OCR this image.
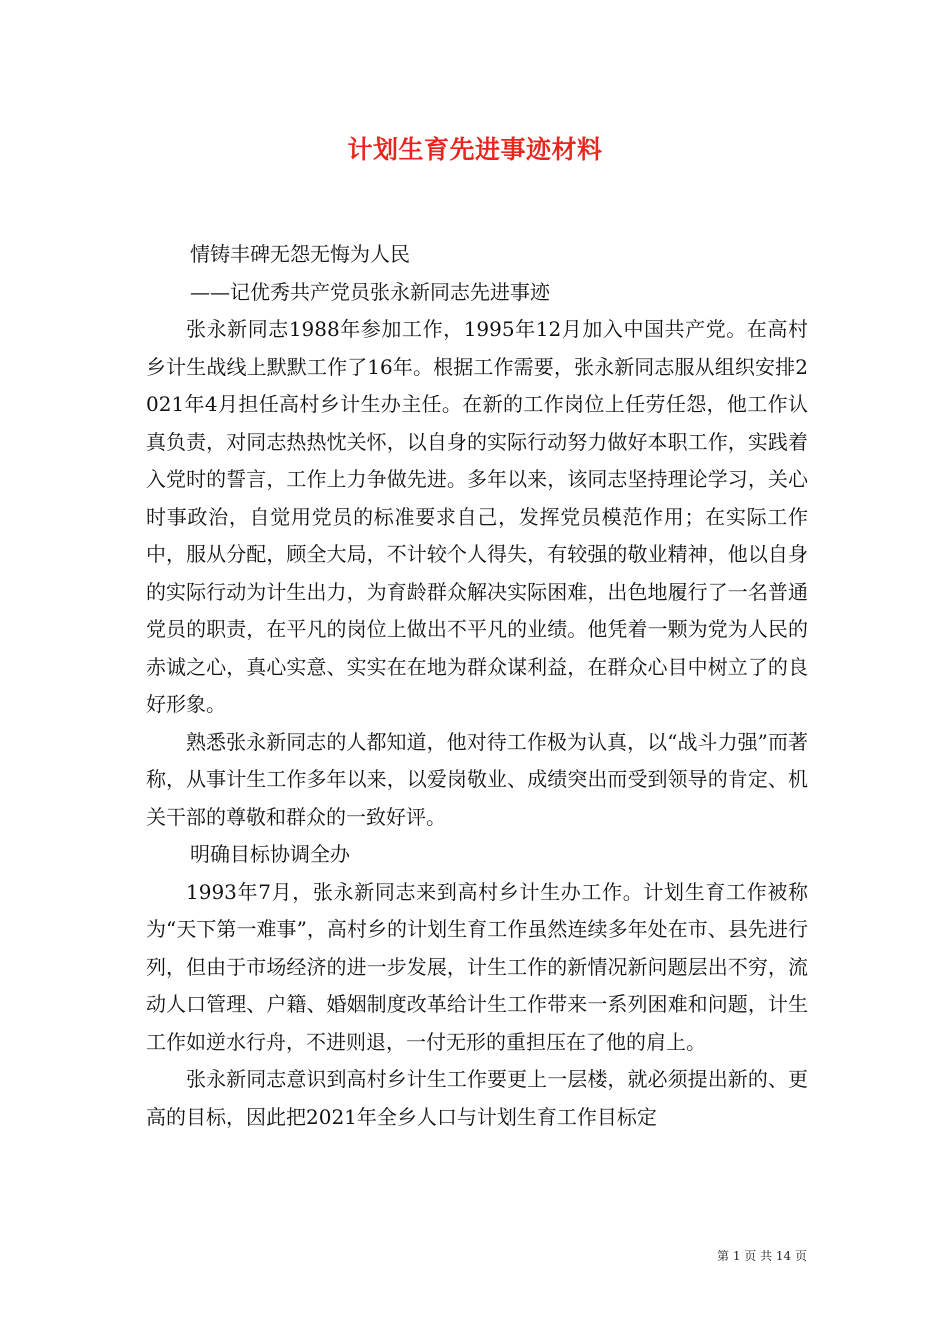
计划生育先进事迹材料

情铸丰碑无怨无悔为人民

——记优秀共产党员张永新同志先进事迹

张永新同志1988年参加工作，1995年12月加入中国共产党。在高村乡计生战线上默默工作了16年。根据工作需要，张永新同志服从组织安排2021年4月担任高村乡计生办主任。在新的工作岗位上任劳任怨，他工作认真负责，对同志热热忱关怀，以自身的实际行动努力做好本职工作，实践着入党时的誓言，工作上力争做先进。多年以来，该同志坚持理论学习，关心时事政治，自觉用党员的标准要求自己，发挥党员模范作用；在实际工作中，服从分配，顾全大局，不计较个人得失，有较强的敬业精神，他以自身的实际行动为计生出力，为育龄群众解决实际困难，出色地履行了一名普通党员的职责，在平凡的岗位上做出不平凡的业绩。他凭着一颗为党为人民的赤诚之心，真心实意、实实在在地为群众谋利益，在群众心目中树立了的良好形象。

熟悉张永新同志的人都知道，他对待工作极为认真，以“战斗力强”而著称，从事计生工作多年以来，以爱岗敬业、成绩突出而受到领导的肯定、机关干部的尊敬和群众的一致好评。

明确目标协调全办

1993年7月，张永新同志来到高村乡计生办工作。计划生育工作被称为“天下第一难事”，高村乡的计划生育工作虽然连续多年处在市、县先进行列，但由于市场经济的进一步发展，计生工作的新情况新问题层出不穷，流动人口管理、户籍、婚姻制度改革给计生工作带来一系列困难和问题，计生工作如逆水行舟，不进则退，一付无形的重担压在了他的肩上。

张永新同志意识到高村乡计生工作要更上一层楼，就必须提出新的、更高的目标，因此把2021年全乡人口与计划生育工作目标定

第 1 页 共 14 页
